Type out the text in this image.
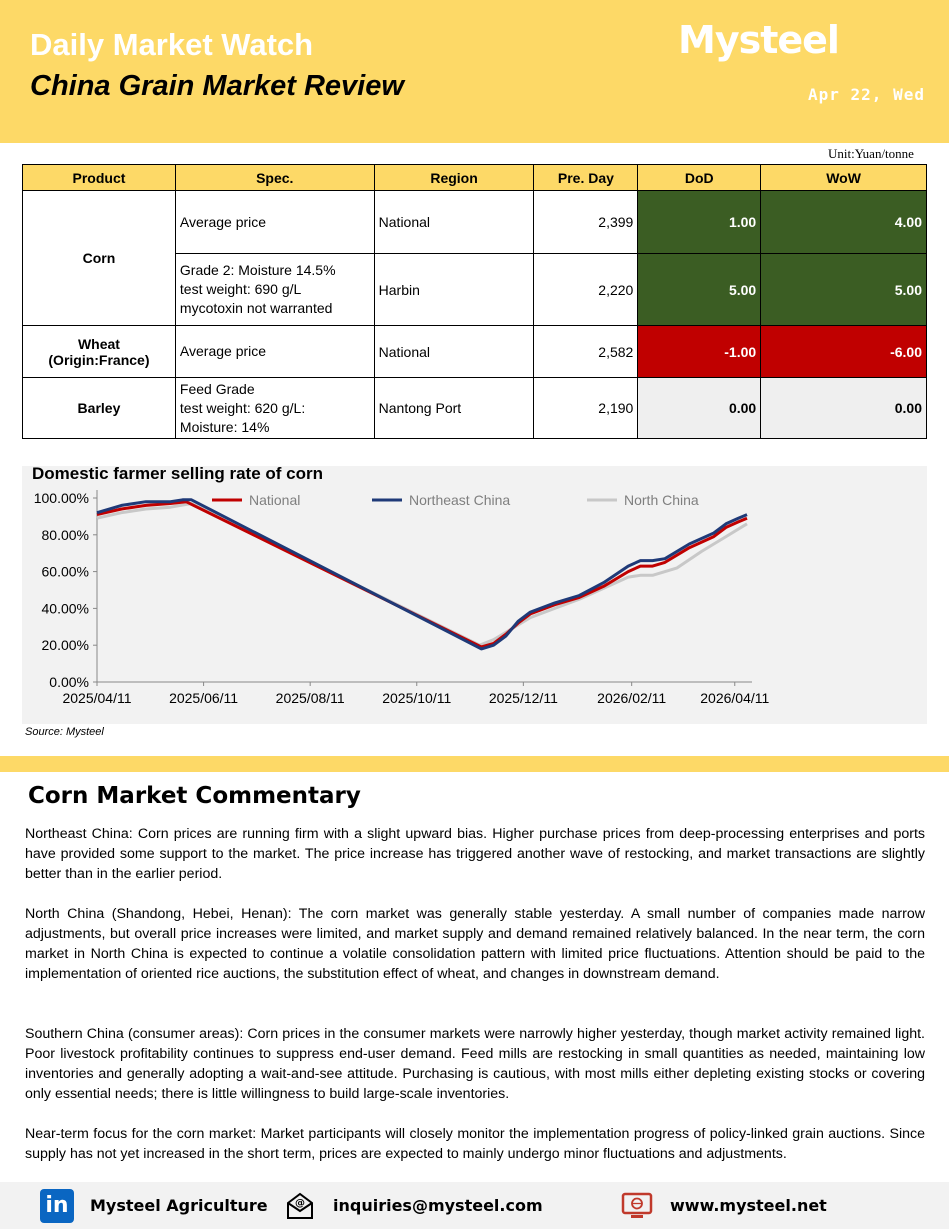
Daily Market Watch
China Grain Market Review
Mysteel
Apr 22, Wed
Unit:Yuan/tonne
Product	Spec.	Region	Pre. Day	DoD	WoW
Corn	Average price	National	2,399	1.00	4.00

	Grade 2: Moisture 14.5%
test weight: 690 g/L
mycotoxin not warranted	Harbin	2,220	5.00	5.00

Wheat
(Origin:France)	Average price	National	2,582	-1.00	-6.00
Barley	Feed Grade
test weight: 620 g/L:
Moisture: 14%	Nantong Port	2,190	0.00	0.00
Domestic farmer selling rate of corn
0.00%
20.00%
40.00%
60.00%
80.00%
100.00%
2025/04/11	2025/06/11	2025/08/11	2025/10/11	2025/12/11	2026/02/11 2026/04/11
National	Northeast China	North China
Source: Mysteel
Corn Market Commentary

Northeast China: Corn prices are running firm with a slight upward bias. Higher purchase prices from deep-processing enterprises and ports have provided some support to the market. The price increase has triggered another wave of restocking, and market transactions are slightly better than in the earlier period.

North China (Shandong, Hebei, Henan): The corn market was generally stable yesterday. A small number of companies made narrow adjustments, but overall price increases were limited, and market supply and demand remained relatively balanced. In the near term, the corn market in North China is expected to continue a volatile consolidation pattern with limited price fluctuations. Attention should be paid to the implementation of oriented rice auctions, the substitution effect of wheat, and changes in downstream demand.

Southern China (consumer areas): Corn prices in the consumer markets were narrowly higher yesterday, though market activity remained light. Poor livestock profitability continues to suppress end-user demand. Feed mills are restocking in small quantities as needed, maintaining low inventories and generally adopting a wait-and-see attitude. Purchasing is cautious, with most mills either depleting existing stocks or covering only essential needs; there is little willingness to build large-scale inventories.

Near-term focus for the corn market: Market participants will closely monitor the implementation progress of policy-linked grain auctions. Since supply has not yet increased in the short term, prices are expected to mainly undergo minor fluctuations and adjustments.

in Mysteel Agriculture	@ inquiries@mysteel.com	www.mysteel.net
